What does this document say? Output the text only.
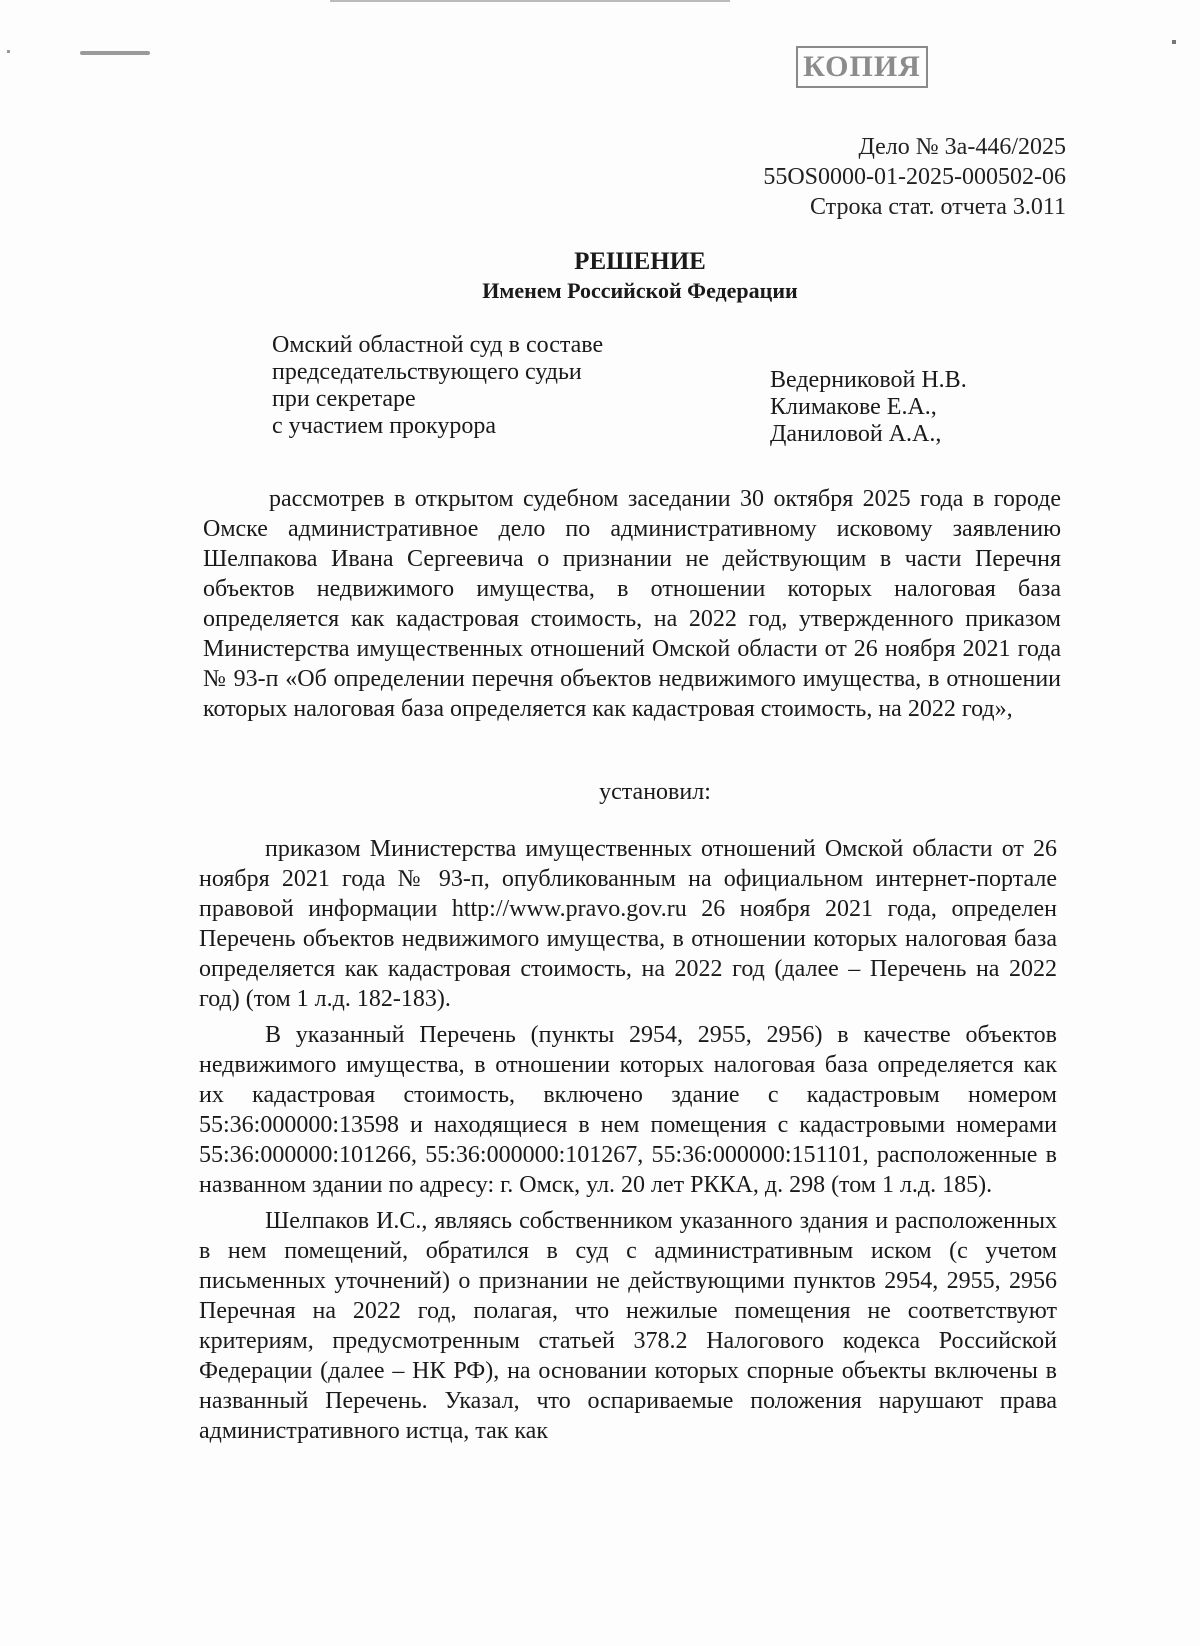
КОПИЯ
Дело № 3а-446/2025
55OS0000-01-2025-000502-06
Строка стат. отчета 3.011
РЕШЕНИЕ
Именем Российской Федерации
Омский областной суд в составе
председательствующего судьи
при секретаре
с участием прокурора
Ведерниковой Н.В.
Климакове Е.А.,
Даниловой А.А.,

рассмотрев в открытом судебном заседании 30 октября 2025 года в городе Омске административное дело по административному исковому заявлению Шелпакова Ивана Сергеевича о признании не действующим в части Перечня объектов недвижимого имущества, в отношении которых налоговая база определяется как кадастровая стоимость, на 2022 год, утвержденного приказом Министерства имущественных отношений Омской области от 26 ноября 2021 года № 93-п «Об определении перечня объектов недвижимого имущества, в отношении которых налоговая база определяется как кадастровая стоимость, на 2022 год»,

установил:

приказом Министерства имущественных отношений Омской области от 26 ноября 2021 года № 93-п, опубликованным на официальном интернет-портале правовой информации http://www.pravo.gov.ru 26 ноября 2021 года, определен Перечень объектов недвижимого имущества, в отношении которых налоговая база определяется как кадастровая стоимость, на 2022 год (далее – Перечень на 2022 год) (том 1 л.д. 182-183).

В указанный Перечень (пункты 2954, 2955, 2956) в качестве объектов недвижимого имущества, в отношении которых налоговая база определяется как их кадастровая стоимость, включено здание с кадастровым номером 55:36:000000:13598 и находящиеся в нем помещения с кадастровыми номерами 55:36:000000:101266, 55:36:000000:101267, 55:36:000000:151101, расположенные в названном здании по адресу: г. Омск, ул. 20 лет РККА, д. 298 (том 1 л.д. 185).

Шелпаков И.С., являясь собственником указанного здания и расположенных в нем помещений, обратился в суд с административным иском (с учетом письменных уточнений) о признании не действующими пунктов 2954, 2955, 2956 Перечная на 2022 год, полагая, что нежилые помещения не соответствуют критериям, предусмотренным статьей 378.2 Налогового кодекса Российской Федерации (далее – НК РФ), на основании которых спорные объекты включены в названный Перечень. Указал, что оспариваемые положения нарушают права административного истца, так как
